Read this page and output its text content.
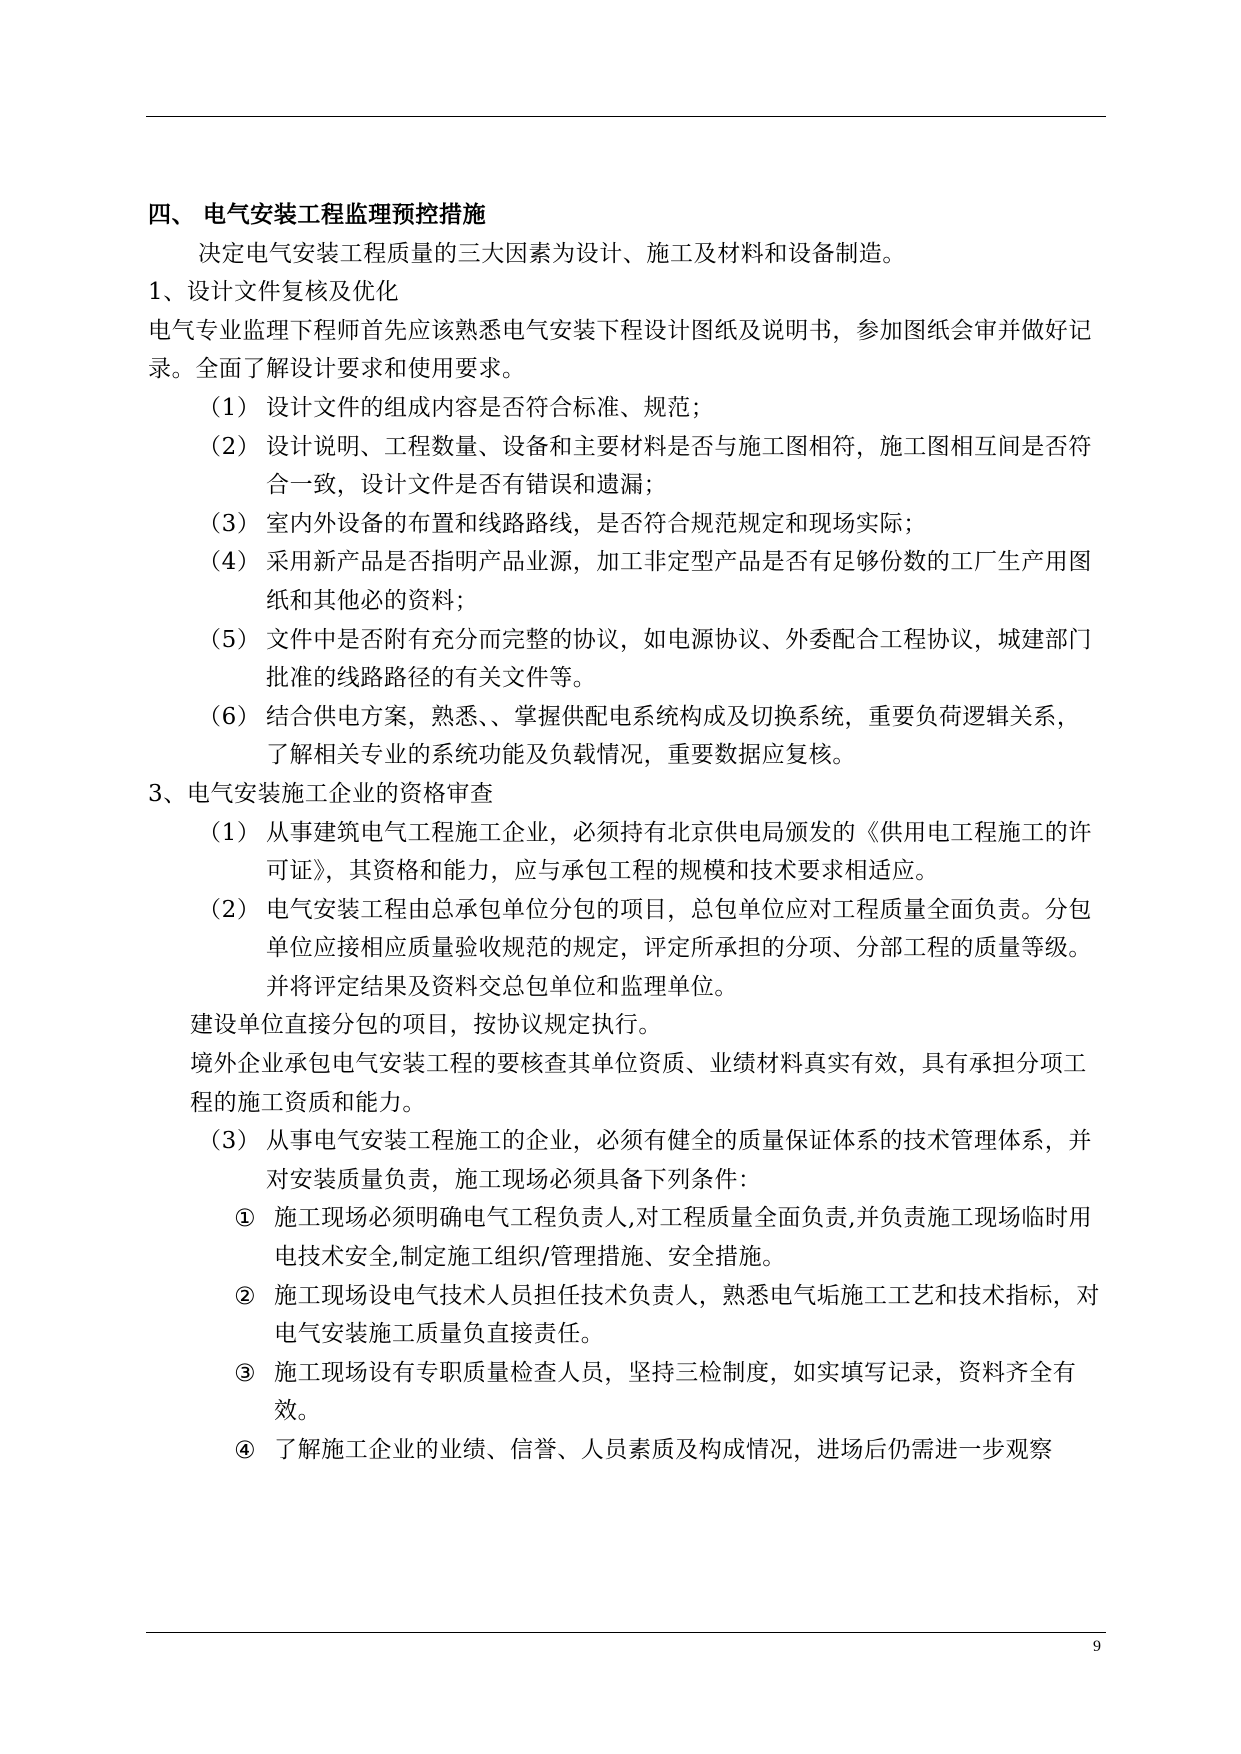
四、 电气安装工程监理预控措施

决定电气安装工程质量的三大因素为设计、施工及材料和设备制造。

1、设计文件复核及优化

电气专业监理下程师首先应该熟悉电气安装下程设计图纸及说明书，参加图纸会审并做好记录。全面了解设计要求和使用要求。

（1） 设计文件的组成内容是否符合标准、规范；
（2） 设计说明、工程数量、设备和主要材料是否与施工图相符，施工图相互间是否符合一致，设计文件是否有错误和遗漏；
（3） 室内外设备的布置和线路路线，是否符合规范规定和现场实际；
（4） 采用新产品是否指明产品业源，加工非定型产品是否有足够份数的工厂生产用图纸和其他必的资料；
（5） 文件中是否附有充分而完整的协议，如电源协议、外委配合工程协议，城建部门批准的线路路径的有关文件等。
（6） 结合供电方案，熟悉、、掌握供配电系统构成及切换系统，重要负荷逻辑关系，了解相关专业的系统功能及负载情况，重要数据应复核。

3、电气安装施工企业的资格审查

（1） 从事建筑电气工程施工企业，必须持有北京供电局颁发的《供用电工程施工的许可证》，其资格和能力，应与承包工程的规模和技术要求相适应。
（2） 电气安装工程由总承包单位分包的项目，总包单位应对工程质量全面负责。分包单位应接相应质量验收规范的规定，评定所承担的分项、分部工程的质量等级。并将评定结果及资料交总包单位和监理单位。

建设单位直接分包的项目，按协议规定执行。

境外企业承包电气安装工程的要核查其单位资质、业绩材料真实有效，具有承担分项工程的施工资质和能力。

（3） 从事电气安装工程施工的企业，必须有健全的质量保证体系的技术管理体系，并对安装质量负责，施工现场必须具备下列条件：
① 施工现场必须明确电气工程负责人,对工程质量全面负责,并负责施工现场临时用电技术安全,制定施工组织/管理措施、安全措施。
② 施工现场设电气技术人员担任技术负责人，熟悉电气垢施工工艺和技术指标，对电气安装施工质量负直接责任。
③ 施工现场设有专职质量检查人员，坚持三检制度，如实填写记录，资料齐全有效。
④ 了解施工企业的业绩、信誉、人员素质及构成情况，进场后仍需进一步观察
9
